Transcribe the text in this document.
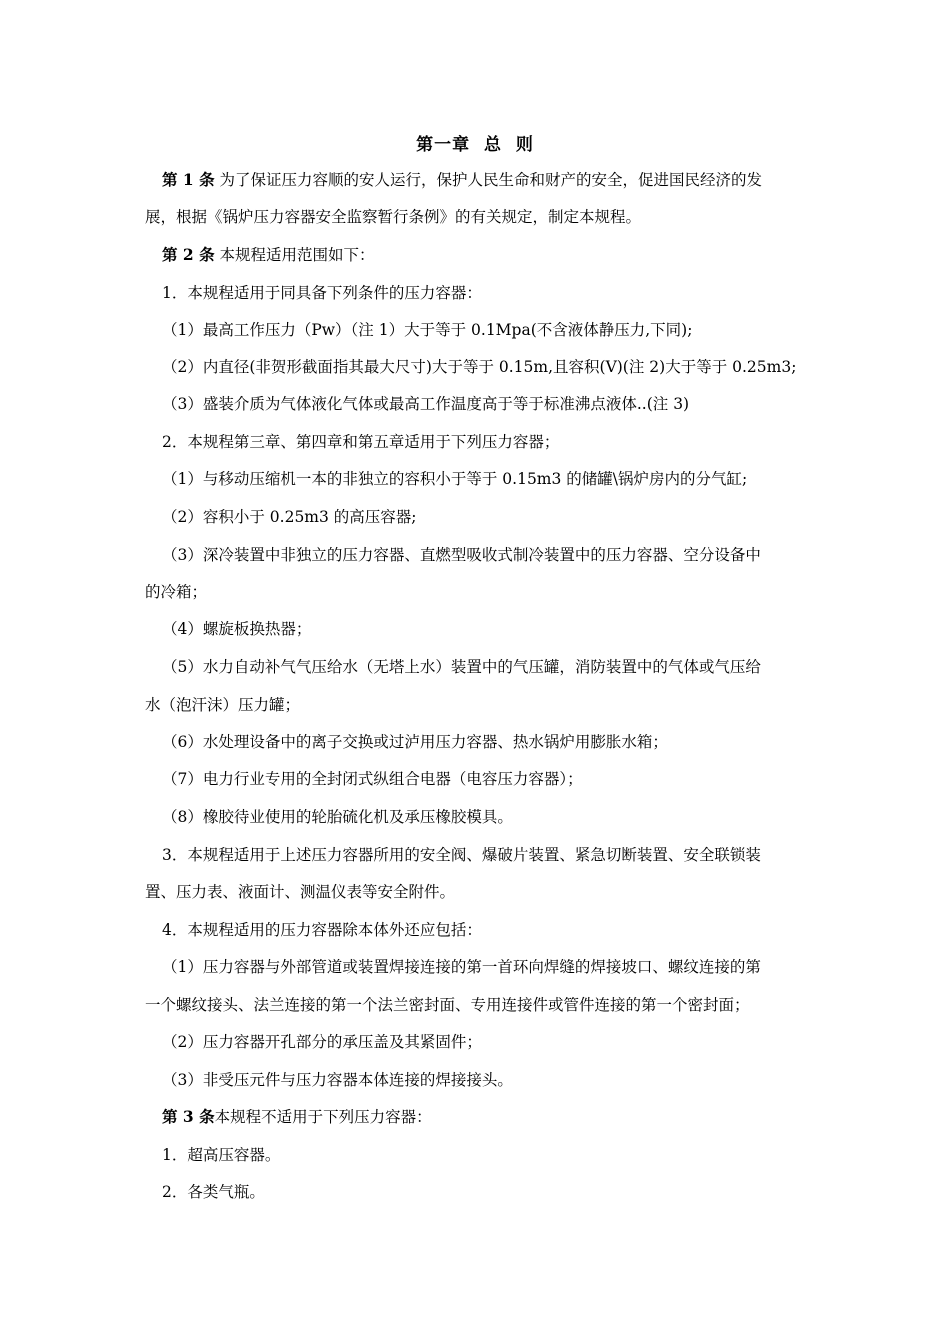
第一章  总  则
第 1 条 为了保证压力容顺的安人运行，保护人民生命和财产的安全，促进国民经济的发
展，根据《锅炉压力容器安全监察暂行条例》的有关规定，制定本规程。
第 2 条 本规程适用范围如下：
1．本规程适用于同具备下列条件的压力容器：
（1）最高工作压力（Pw）（注 1）大于等于 0.1Mpa(不含液体静压力,下同);
（2）内直径(非贺形截面指其最大尺寸)大于等于 0.15m,且容积(V)(注 2)大于等于 0.25m3;
（3）盛装介质为气体液化气体或最高工作温度高于等于标准沸点液体..(注 3)
2．本规程第三章、第四章和第五章适用于下列压力容器；
（1）与移动压缩机一本的非独立的容积小于等于 0.15m3 的储罐\锅炉房内的分气缸;
（2）容积小于 0.25m3 的高压容器;
（3）深冷装置中非独立的压力容器、直燃型吸收式制冷装置中的压力容器、空分设备中
的冷箱；
（4）螺旋板换热器；
（5）水力自动补气气压给水（无塔上水）装置中的气压罐，消防装置中的气体或气压给
水（泡汗沫）压力罐；
（6）水处理设备中的离子交换或过泸用压力容器、热水锅炉用膨胀水箱；
（7）电力行业专用的全封闭式纵组合电器（电容压力容器）；
（8）橡胶待业使用的轮胎硫化机及承压橡胶模具。
3．本规程适用于上述压力容器所用的安全阀、爆破片装置、紧急切断装置、安全联锁装
置、压力表、液面计、测温仪表等安全附件。
4．本规程适用的压力容器除本体外还应包括：
（1）压力容器与外部管道或装置焊接连接的第一首环向焊缝的焊接坡口、螺纹连接的第
一个螺纹接头、法兰连接的第一个法兰密封面、专用连接件或管件连接的第一个密封面；
（2）压力容器开孔部分的承压盖及其紧固件；
（3）非受压元件与压力容器本体连接的焊接接头。
第 3 条本规程不适用于下列压力容器：
1．超高压容器。
2．各类气瓶。
